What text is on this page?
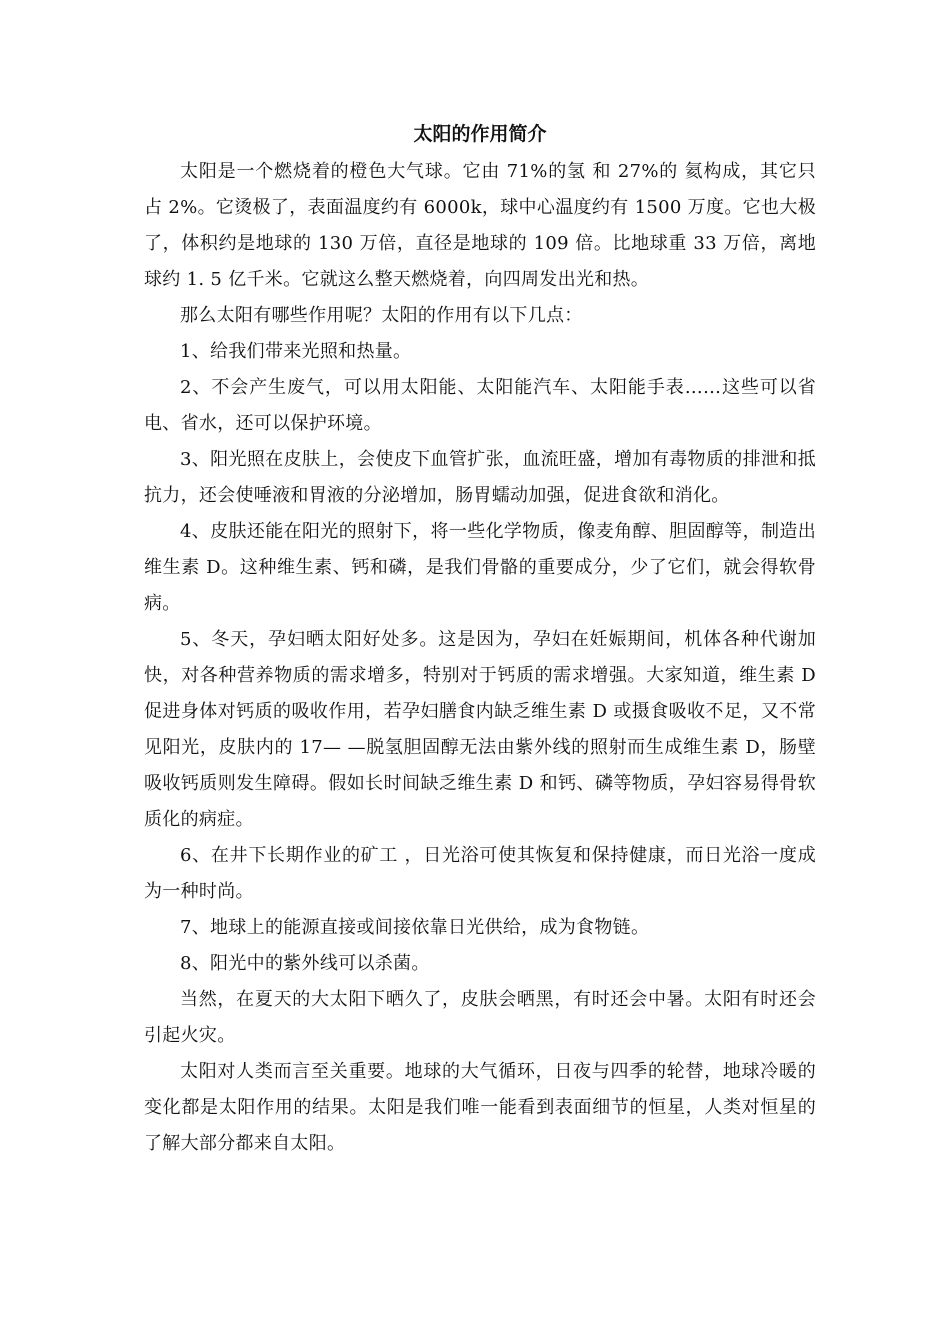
太阳的作用简介

太阳是一个燃烧着的橙色大气球。它由 71%的氢 和 27%的 氦构成，其它只占 2%。它烫极了，表面温度约有 6000k，球中心温度约有 1500 万度。它也大极了，体积约是地球的 130 万倍，直径是地球的 109 倍。比地球重 33 万倍，离地球约 1. 5 亿千米。它就这么整天燃烧着，向四周发出光和热。

那么太阳有哪些作用呢？太阳的作用有以下几点：

1、给我们带来光照和热量。

2、不会产生废气，可以用太阳能、太阳能汽车、太阳能手表……这些可以省电、省水，还可以保护环境。

3、阳光照在皮肤上，会使皮下血管扩张，血流旺盛，增加有毒物质的排泄和抵抗力，还会使唾液和胃液的分泌增加，肠胃蠕动加强，促进食欲和消化。

4、皮肤还能在阳光的照射下，将一些化学物质，像麦角醇、胆固醇等，制造出维生素 D。这种维生素、钙和磷，是我们骨骼的重要成分，少了它们，就会得软骨病。

5、冬天，孕妇晒太阳好处多。这是因为，孕妇在妊娠期间，机体各种代谢加快，对各种营养物质的需求增多，特别对于钙质的需求增强。大家知道，维生素 D 促进身体对钙质的吸收作用，若孕妇膳食内缺乏维生素 D 或摄食吸收不足，又不常见阳光，皮肤内的 17— —脱氢胆固醇无法由紫外线的照射而生成维生素 D，肠壁吸收钙质则发生障碍。假如长时间缺乏维生素 D 和钙、磷等物质，孕妇容易得骨软质化的病症。

6、在井下长期作业的矿工 ，日光浴可使其恢复和保持健康，而日光浴一度成为一种时尚。

7、地球上的能源直接或间接依靠日光供给，成为食物链。

8、阳光中的紫外线可以杀菌。

当然，在夏天的大太阳下晒久了，皮肤会晒黑，有时还会中暑。太阳有时还会引起火灾。

太阳对人类而言至关重要。地球的大气循环，日夜与四季的轮替，地球冷暖的变化都是太阳作用的结果。太阳是我们唯一能看到表面细节的恒星，人类对恒星的了解大部分都来自太阳。
